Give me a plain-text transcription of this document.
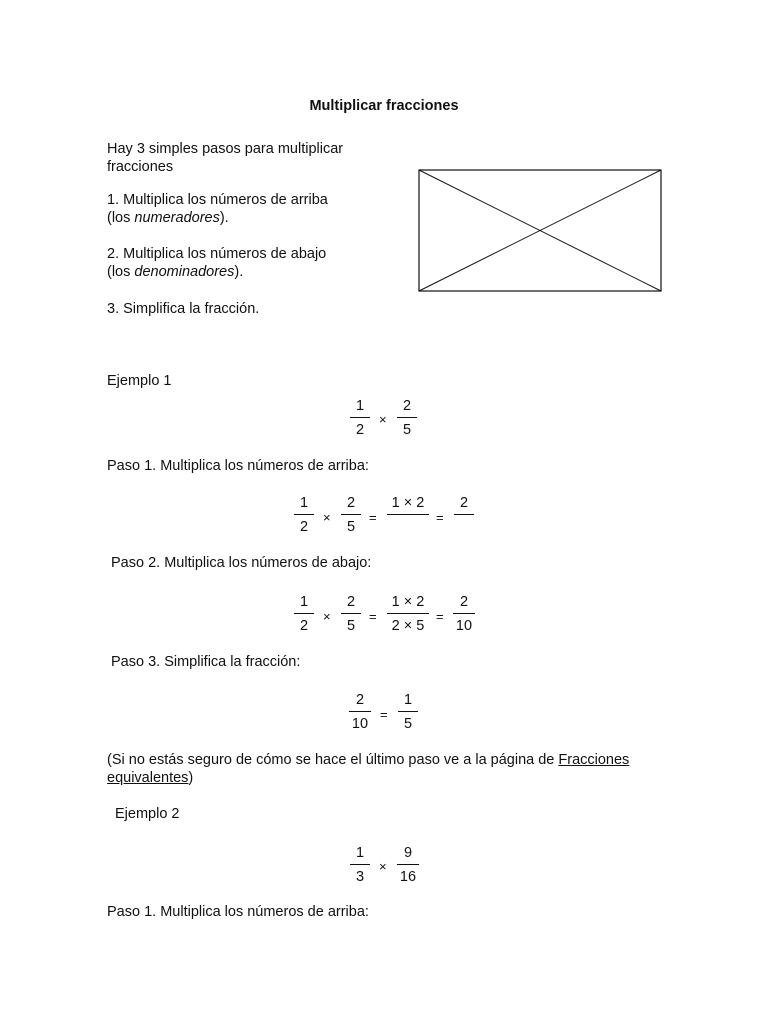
Multiplicar fracciones
Hay 3 simples pasos para multiplicar
fracciones
1. Multiplica los números de arriba
(los numeradores).
2. Multiplica los números de abajo
(los denominadores).
3. Simplifica la fracción.
Ejemplo 1
1
2
×
2
5
Paso 1. Multiplica los números de arriba:
1
2
×
2
5
=
1 × 2
=
2
Paso 2. Multiplica los números de abajo:
1
2
×
2
5
=
1 × 2
2 × 5
=
2
10
Paso 3. Simplifica la fracción:
2
10
=
1
5
(Si no estás seguro de cómo se hace el último paso ve a la página de Fracciones
equivalentes)
Ejemplo 2
1
3
×
9
16
Paso 1. Multiplica los números de arriba:
